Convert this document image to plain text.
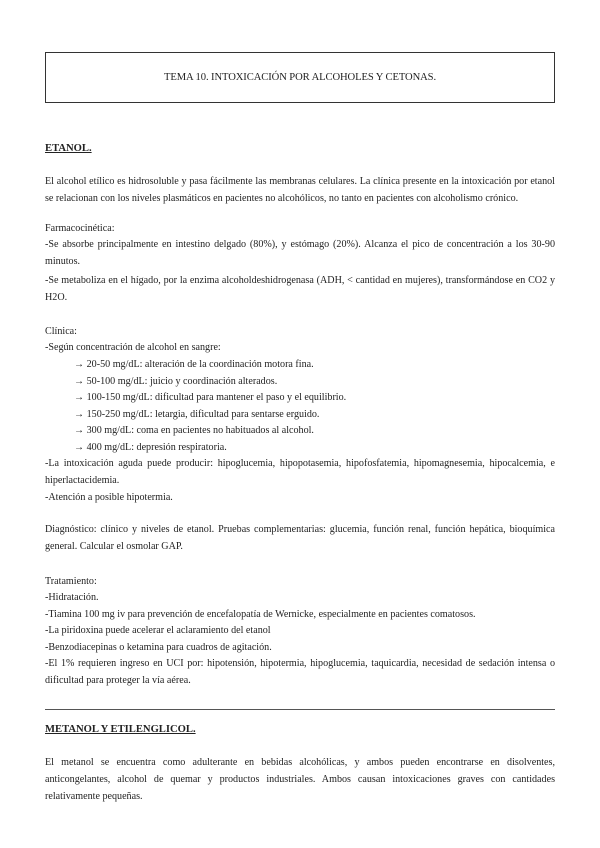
TEMA 10. INTOXICACIÓN POR ALCOHOLES Y CETONAS.
ETANOL.
El alcohol etílico es hidrosoluble y pasa fácilmente las membranas celulares. La clínica presente en la intoxicación por etanol se relacionan con los niveles plasmáticos en pacientes no alcohólicos, no tanto en pacientes con alcoholismo crónico.
Farmacocinética:
-Se absorbe principalmente en intestino delgado (80%), y estómago (20%). Alcanza el pico de concentración a los 30-90 minutos.
-Se metaboliza en el hígado, por la enzima alcoholdeshidrogenasa (ADH, < cantidad en mujeres), transformándose en CO2 y H2O.
Clínica:
-Según concentración de alcohol en sangre:
→ 20-50 mg/dL: alteración de la coordinación motora fina.
→ 50-100 mg/dL: juicio y coordinación alterados.
→ 100-150 mg/dL: dificultad para mantener el paso y el equilibrio.
→ 150-250 mg/dL: letargia, dificultad para sentarse erguido.
→ 300 mg/dL: coma en pacientes no habituados al alcohol.
→ 400 mg/dL: depresión respiratoria.
-La intoxicación aguda puede producir: hipoglucemia, hipopotasemia, hipofosfatemia, hipomagnesemia, hipocalcemia, e hiperlactacidemia.
-Atención a posible hipotermia.
Diagnóstico: clínico y niveles de etanol. Pruebas complementarias: glucemia, función renal, función hepática, bioquímica general. Calcular el osmolar GAP.
Tratamiento:
-Hidratación.
-Tiamina 100 mg iv para prevención de encefalopatía de Wernicke, especialmente en pacientes comatosos.
-La piridoxina puede acelerar el aclaramiento del etanol
-Benzodiacepinas o ketamina para cuadros de agitación.
-El 1% requieren ingreso en UCI por: hipotensión, hipotermia, hipoglucemia, taquicardia, necesidad de sedación intensa o dificultad para proteger la vía aérea.
METANOL Y ETILENGLICOL.
El metanol se encuentra como adulterante en bebidas alcohólicas, y ambos pueden encontrarse en disolventes, anticongelantes, alcohol de quemar y productos industriales. Ambos causan intoxicaciones graves con cantidades relativamente pequeñas.
